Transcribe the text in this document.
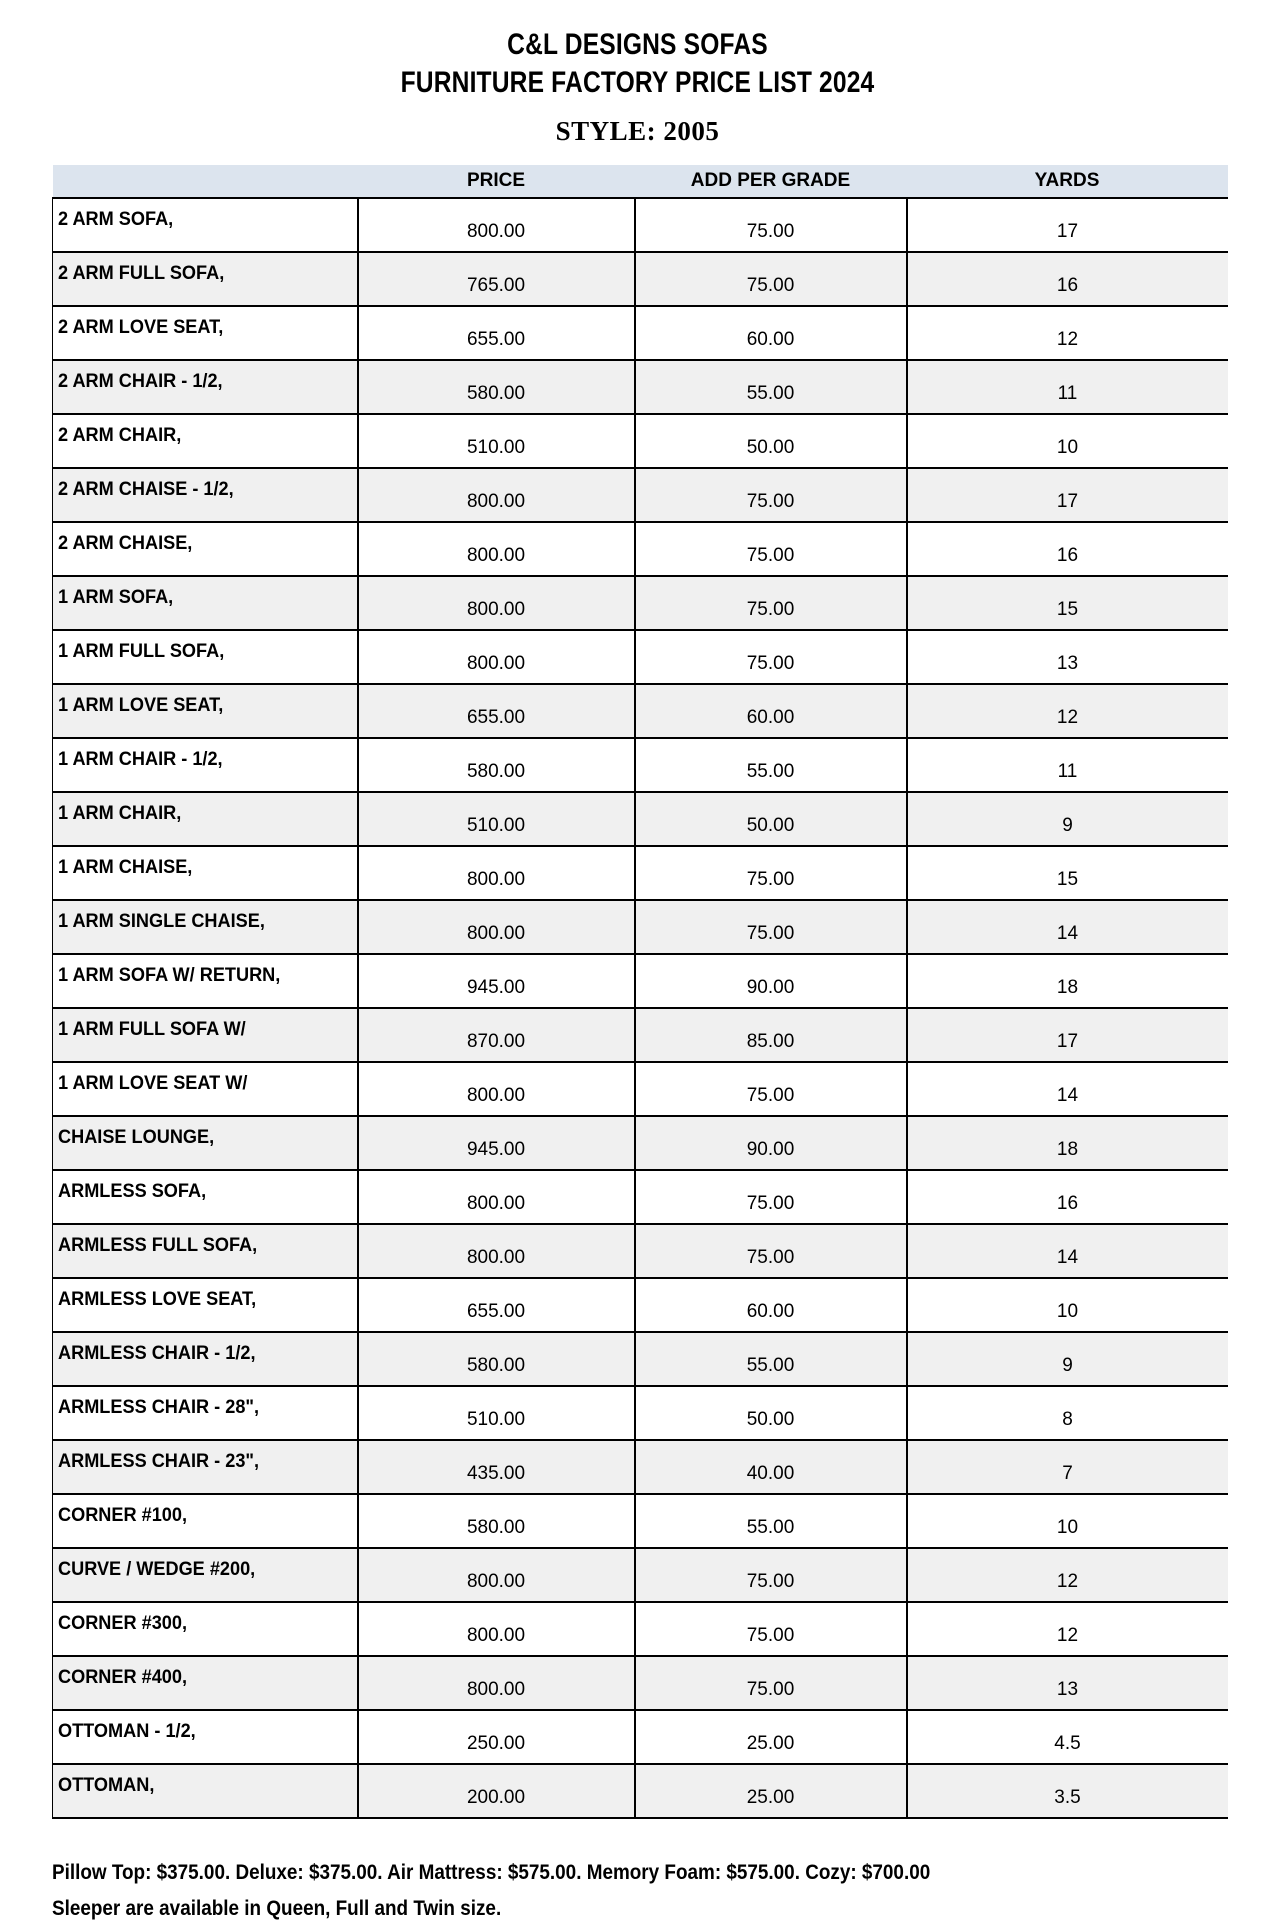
C&L DESIGNS SOFAS
FURNITURE FACTORY PRICE LIST 2024
STYLE: 2005
	PRICE	ADD PER GRADE	YARDS
2 ARM SOFA,	800.00	75.00	17
2 ARM FULL SOFA,	765.00	75.00	16
2 ARM LOVE SEAT,	655.00	60.00	12
2 ARM CHAIR - 1/2,	580.00	55.00	11
2 ARM CHAIR,	510.00	50.00	10
2 ARM CHAISE - 1/2,	800.00	75.00	17
2 ARM CHAISE,	800.00	75.00	16
1 ARM SOFA,	800.00	75.00	15
1 ARM FULL SOFA,	800.00	75.00	13
1 ARM LOVE SEAT,	655.00	60.00	12
1 ARM CHAIR - 1/2,	580.00	55.00	11
1 ARM CHAIR,	510.00	50.00	9
1 ARM CHAISE,	800.00	75.00	15
1 ARM SINGLE CHAISE,	800.00	75.00	14
1 ARM SOFA W/ RETURN,	945.00	90.00	18
1 ARM FULL SOFA W/	870.00	85.00	17
1 ARM LOVE SEAT W/	800.00	75.00	14
CHAISE LOUNGE,	945.00	90.00	18
ARMLESS SOFA,	800.00	75.00	16
ARMLESS FULL SOFA,	800.00	75.00	14
ARMLESS LOVE SEAT,	655.00	60.00	10
ARMLESS CHAIR - 1/2,	580.00	55.00	9
ARMLESS CHAIR - 28",	510.00	50.00	8
ARMLESS CHAIR - 23",	435.00	40.00	7
CORNER #100,	580.00	55.00	10
CURVE / WEDGE #200,	800.00	75.00	12
CORNER #300,	800.00	75.00	12
CORNER #400,	800.00	75.00	13
OTTOMAN - 1/2,	250.00	25.00	4.5
OTTOMAN,	200.00	25.00	3.5
Pillow Top: $375.00. Deluxe: $375.00. Air Mattress: $575.00. Memory Foam: $575.00. Cozy: $700.00
Sleeper are available in Queen, Full and Twin size.
